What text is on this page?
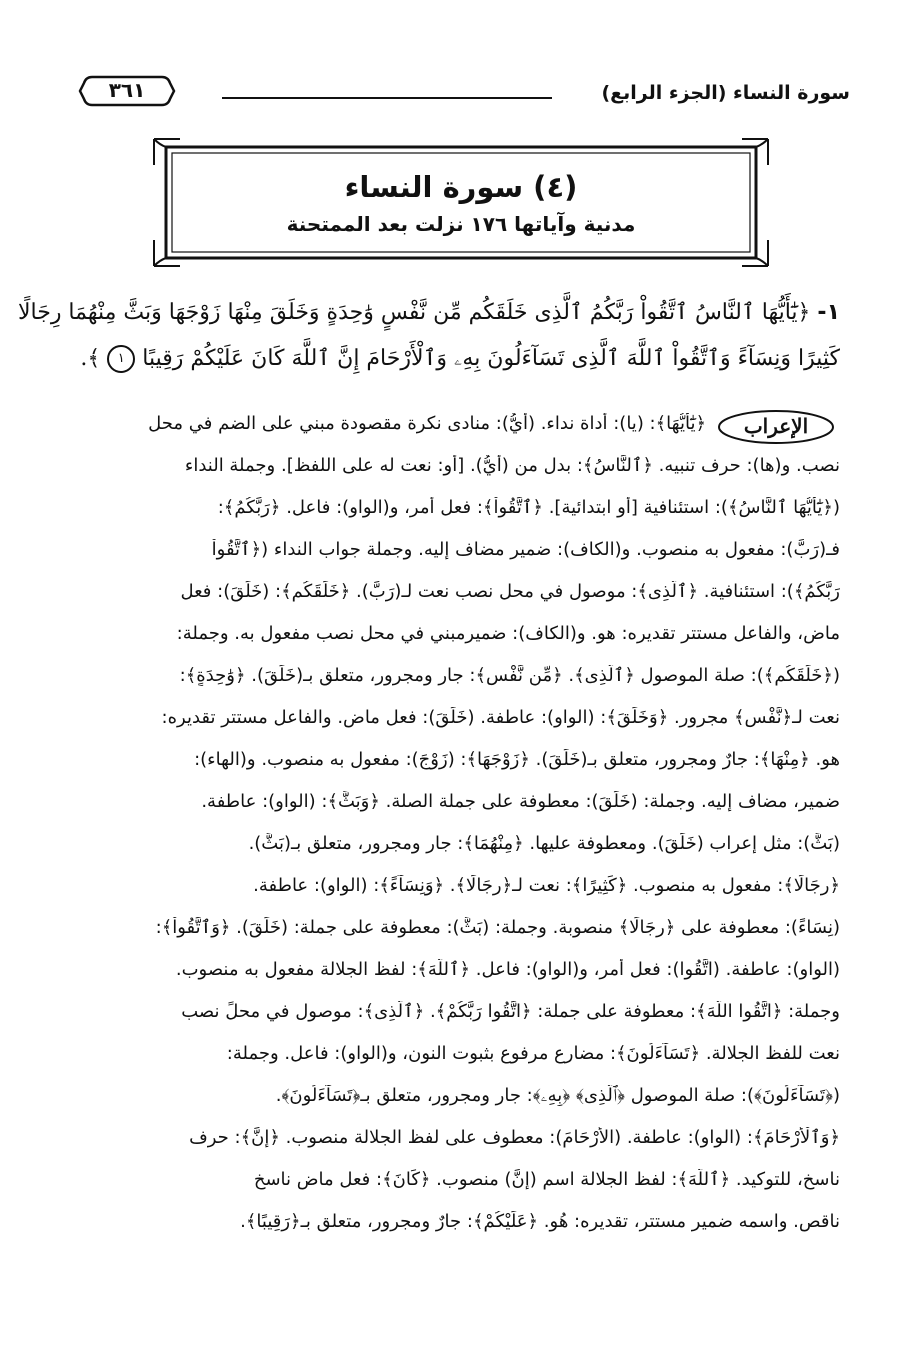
سورة النساء (الجزء الرابع)
٣٦١
(٤) سورة النساء
مدنية وآياتها ١٧٦ نزلت بعد الممتحنة
١- ﴿يَٰٓأَيُّهَا ٱلنَّاسُ ٱتَّقُواْ رَبَّكُمُ ٱلَّذِى خَلَقَكُم مِّن نَّفْسٍ وَٰحِدَةٍ وَخَلَقَ مِنْهَا زَوْجَهَا وَبَثَّ مِنْهُمَا رِجَالًا
كَثِيرًا وَنِسَآءً وَٱتَّقُواْ ٱللَّهَ ٱلَّذِى تَسَآءَلُونَ بِهِۦ وَٱلْأَرْحَامَ إِنَّ ٱللَّهَ كَانَ عَلَيْكُمْ رَقِيبًا ١ ﴾.
الإعراب
﴿يَٰٓأَيُّهَا﴾: (يا): أداة نداء. (أيُّ): منادى نكرة مقصودة مبني على الضم في محل
نصب. و(ها): حرف تنبيه. ﴿ٱلنَّاسُ﴾: بدل من (أيُّ). [أو: نعت له على اللفظ]. وجملة النداء
(﴿يَٰٓأَيُّهَا ٱلنَّاسُ﴾): استئنافية [أو ابتدائية]. ﴿ٱتَّقُواْ﴾: فعل أمر، و(الواو): فاعل. ﴿رَبَّكُمُ﴾:
فـ(رَبَّ): مفعول به منصوب. و(الكاف): ضمير مضاف إليه. وجملة جواب النداء (﴿ٱتَّقُواْ
رَبَّكُمُ﴾): استئنافية. ﴿ٱلَّذِى﴾: موصول في محل نصب نعت لـ(رَبَّ). ﴿خَلَقَكُم﴾: (خَلَقَ): فعل
ماض، والفاعل مستتر تقديره: هو. و(الكاف): ضميرمبني في محل نصب مفعول به. وجملة:
(﴿خَلَقَكُم﴾): صلة الموصول ﴿ٱلَّذِى﴾. ﴿مِّن نَّفْسٍ﴾: جار ومجرور، متعلق بـ(خَلَقَ). ﴿وَٰحِدَةٍ﴾:
نعت لـ﴿نَّفْسٍ﴾ مجرور. ﴿وَخَلَقَ﴾: (الواو): عاطفة. (خَلَقَ): فعل ماض. والفاعل مستتر تقديره:
هو. ﴿مِنْهَا﴾: جارٌ ومجرور، متعلق بـ(خَلَقَ). ﴿زَوْجَهَا﴾: (زَوْجَ): مفعول به منصوب. و(الهاء):
ضمير، مضاف إليه. وجملة: (خَلَقَ): معطوفة على جملة الصلة. ﴿وَبَثَّ﴾: (الواو): عاطفة.
(بَثَّ): مثل إعراب (خَلَقَ). ومعطوفة عليها. ﴿مِنْهُمَا﴾: جار ومجرور، متعلق بـ(بَثَّ).
﴿رِجَالًا﴾: مفعول به منصوب. ﴿كَثِيرًا﴾: نعت لـ﴿رِجَالًا﴾. ﴿وَنِسَآءً﴾: (الواو): عاطفة.
(نِسَاءً): معطوفة على ﴿رِجَالًا﴾ منصوبة. وجملة: (بَثَّ): معطوفة على جملة: (خَلَقَ). ﴿وَٱتَّقُواْ﴾:
(الواو): عاطفة. (اتَّقُوا): فعل أمر، و(الواو): فاعل. ﴿ٱللَّهَ﴾: لفظ الجلالة مفعول به منصوب.
وجملة: ﴿اتَّقُوا اللَّهَ﴾: معطوفة على جملة: ﴿اتَّقُوا رَبَّكُمْ﴾. ﴿ٱلَّذِى﴾: موصول في محلٍّ نصب
نعت للفظ الجلالة. ﴿تَسَآءَلُونَ﴾: مضارع مرفوع بثبوت النون، و(الواو): فاعل. وجملة:
(﴿تَسَآءَلُونَ﴾): صلة الموصول ﴿ٱلَّذِى﴾ ﴿بِهِۦ﴾: جار ومجرور، متعلق بـ﴿تَسَآءَلُونَ﴾.
﴿وَٱلْأَرْحَامَ﴾: (الواو): عاطفة. (الأَرْحَامَ): معطوف على لفظ الجلالة منصوب. ﴿إِنَّ﴾: حرف
ناسخ، للتوكيد. ﴿ٱللَّهَ﴾: لفظ الجلالة اسم (إنَّ) منصوب. ﴿كَانَ﴾: فعل ماض ناسخ
ناقص. واسمه ضمير مستتر، تقديره: هُو. ﴿عَلَيْكُمْ﴾: جارٌ ومجرور، متعلق بـ﴿رَقِيبًا﴾.
